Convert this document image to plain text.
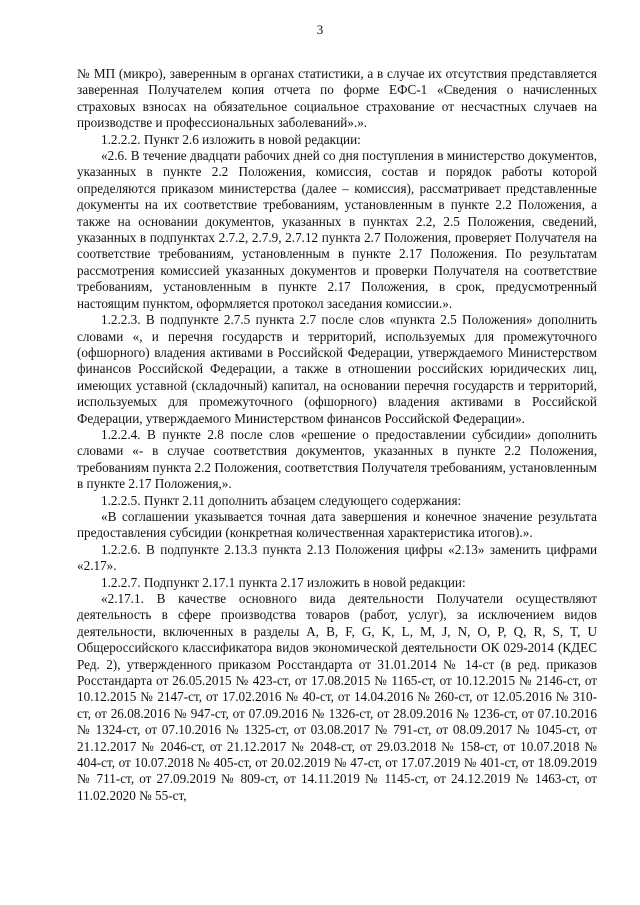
3

№ МП (микро), заверенным в органах статистики, а в случае их отсутствия представляется заверенная Получателем копия отчета по форме ЕФС-1 «Сведения о начисленных страховых взносах на обязательное социальное страхование от несчастных случаев на производстве и профессиональных заболеваний».».

1.2.2.2. Пункт 2.6 изложить в новой редакции:

«2.6. В течение двадцати рабочих дней со дня поступления в министерство документов, указанных в пункте 2.2 Положения, комиссия, состав и порядок работы которой определяются приказом министерства (далее – комиссия), рассматривает представленные документы на их соответствие требованиям, установленным в пункте 2.2 Положения, а также на основании документов, указанных в пунктах 2.2, 2.5 Положения, сведений, указанных в подпунктах 2.7.2, 2.7.9, 2.7.12 пункта 2.7 Положения, проверяет Получателя на соответствие требованиям, установленным в пункте 2.17 Положения. По результатам рассмотрения комиссией указанных документов и проверки Получателя на соответствие требованиям, установленным в пункте 2.17 Положения, в срок, предусмотренный настоящим пунктом, оформляется протокол заседания комиссии.».

1.2.2.3. В подпункте 2.7.5 пункта 2.7 после слов «пункта 2.5 Положения» дополнить словами «, и перечня государств и территорий, используемых для промежуточного (офшорного) владения активами в Российской Федерации, утверждаемого Министерством финансов Российской Федерации, а также в отношении российских юридических лиц, имеющих уставной (складочный) капитал, на основании перечня государств и территорий, используемых для промежуточного (офшорного) владения активами в Российской Федерации, утверждаемого Министерством финансов Российской Федерации».

1.2.2.4. В пункте 2.8 после слов «решение о предоставлении субсидии» дополнить словами «- в случае соответствия документов, указанных в пункте 2.2 Положения, требованиям пункта 2.2 Положения, соответствия Получателя требованиям, установленным в пункте 2.17 Положения,».

1.2.2.5. Пункт 2.11 дополнить абзацем следующего содержания:

«В соглашении указывается точная дата завершения и конечное значение результата предоставления субсидии (конкретная количественная характеристика итогов).».

1.2.2.6. В подпункте 2.13.3 пункта 2.13 Положения цифры «2.13» заменить цифрами «2.17».

1.2.2.7. Подпункт 2.17.1 пункта 2.17 изложить в новой редакции:

«2.17.1. В качестве основного вида деятельности Получатели осуществляют деятельность в сфере производства товаров (работ, услуг), за исключением видов деятельности, включенных в разделы A, B, F, G, K, L, M, J, N, O, P, Q, R, S, T, U Общероссийского классификатора видов экономической деятельности ОК 029-2014 (КДЕС Ред. 2), утвержденного приказом Росстандарта от 31.01.2014 № 14-ст (в ред. приказов Росстандарта от 26.05.2015 № 423-ст, от 17.08.2015 № 1165-ст, от 10.12.2015 № 2146-ст, от 10.12.2015 № 2147-ст, от 17.02.2016 № 40-ст, от 14.04.2016 № 260-ст, от 12.05.2016 № 310-ст, от 26.08.2016 № 947-ст, от 07.09.2016 № 1326-ст, от 28.09.2016 № 1236-ст, от 07.10.2016 № 1324-ст, от 07.10.2016 № 1325-ст, от 03.08.2017 № 791-ст, от 08.09.2017 № 1045-ст, от 21.12.2017 № 2046-ст, от 21.12.2017 № 2048-ст, от 29.03.2018 № 158-ст, от 10.07.2018 № 404-ст, от 10.07.2018 № 405-ст, от 20.02.2019 № 47-ст, от 17.07.2019 № 401-ст, от 18.09.2019 № 711-ст, от 27.09.2019 № 809-ст, от 14.11.2019 № 1145-ст, от 24.12.2019 № 1463-ст, от 11.02.2020 № 55-ст,
